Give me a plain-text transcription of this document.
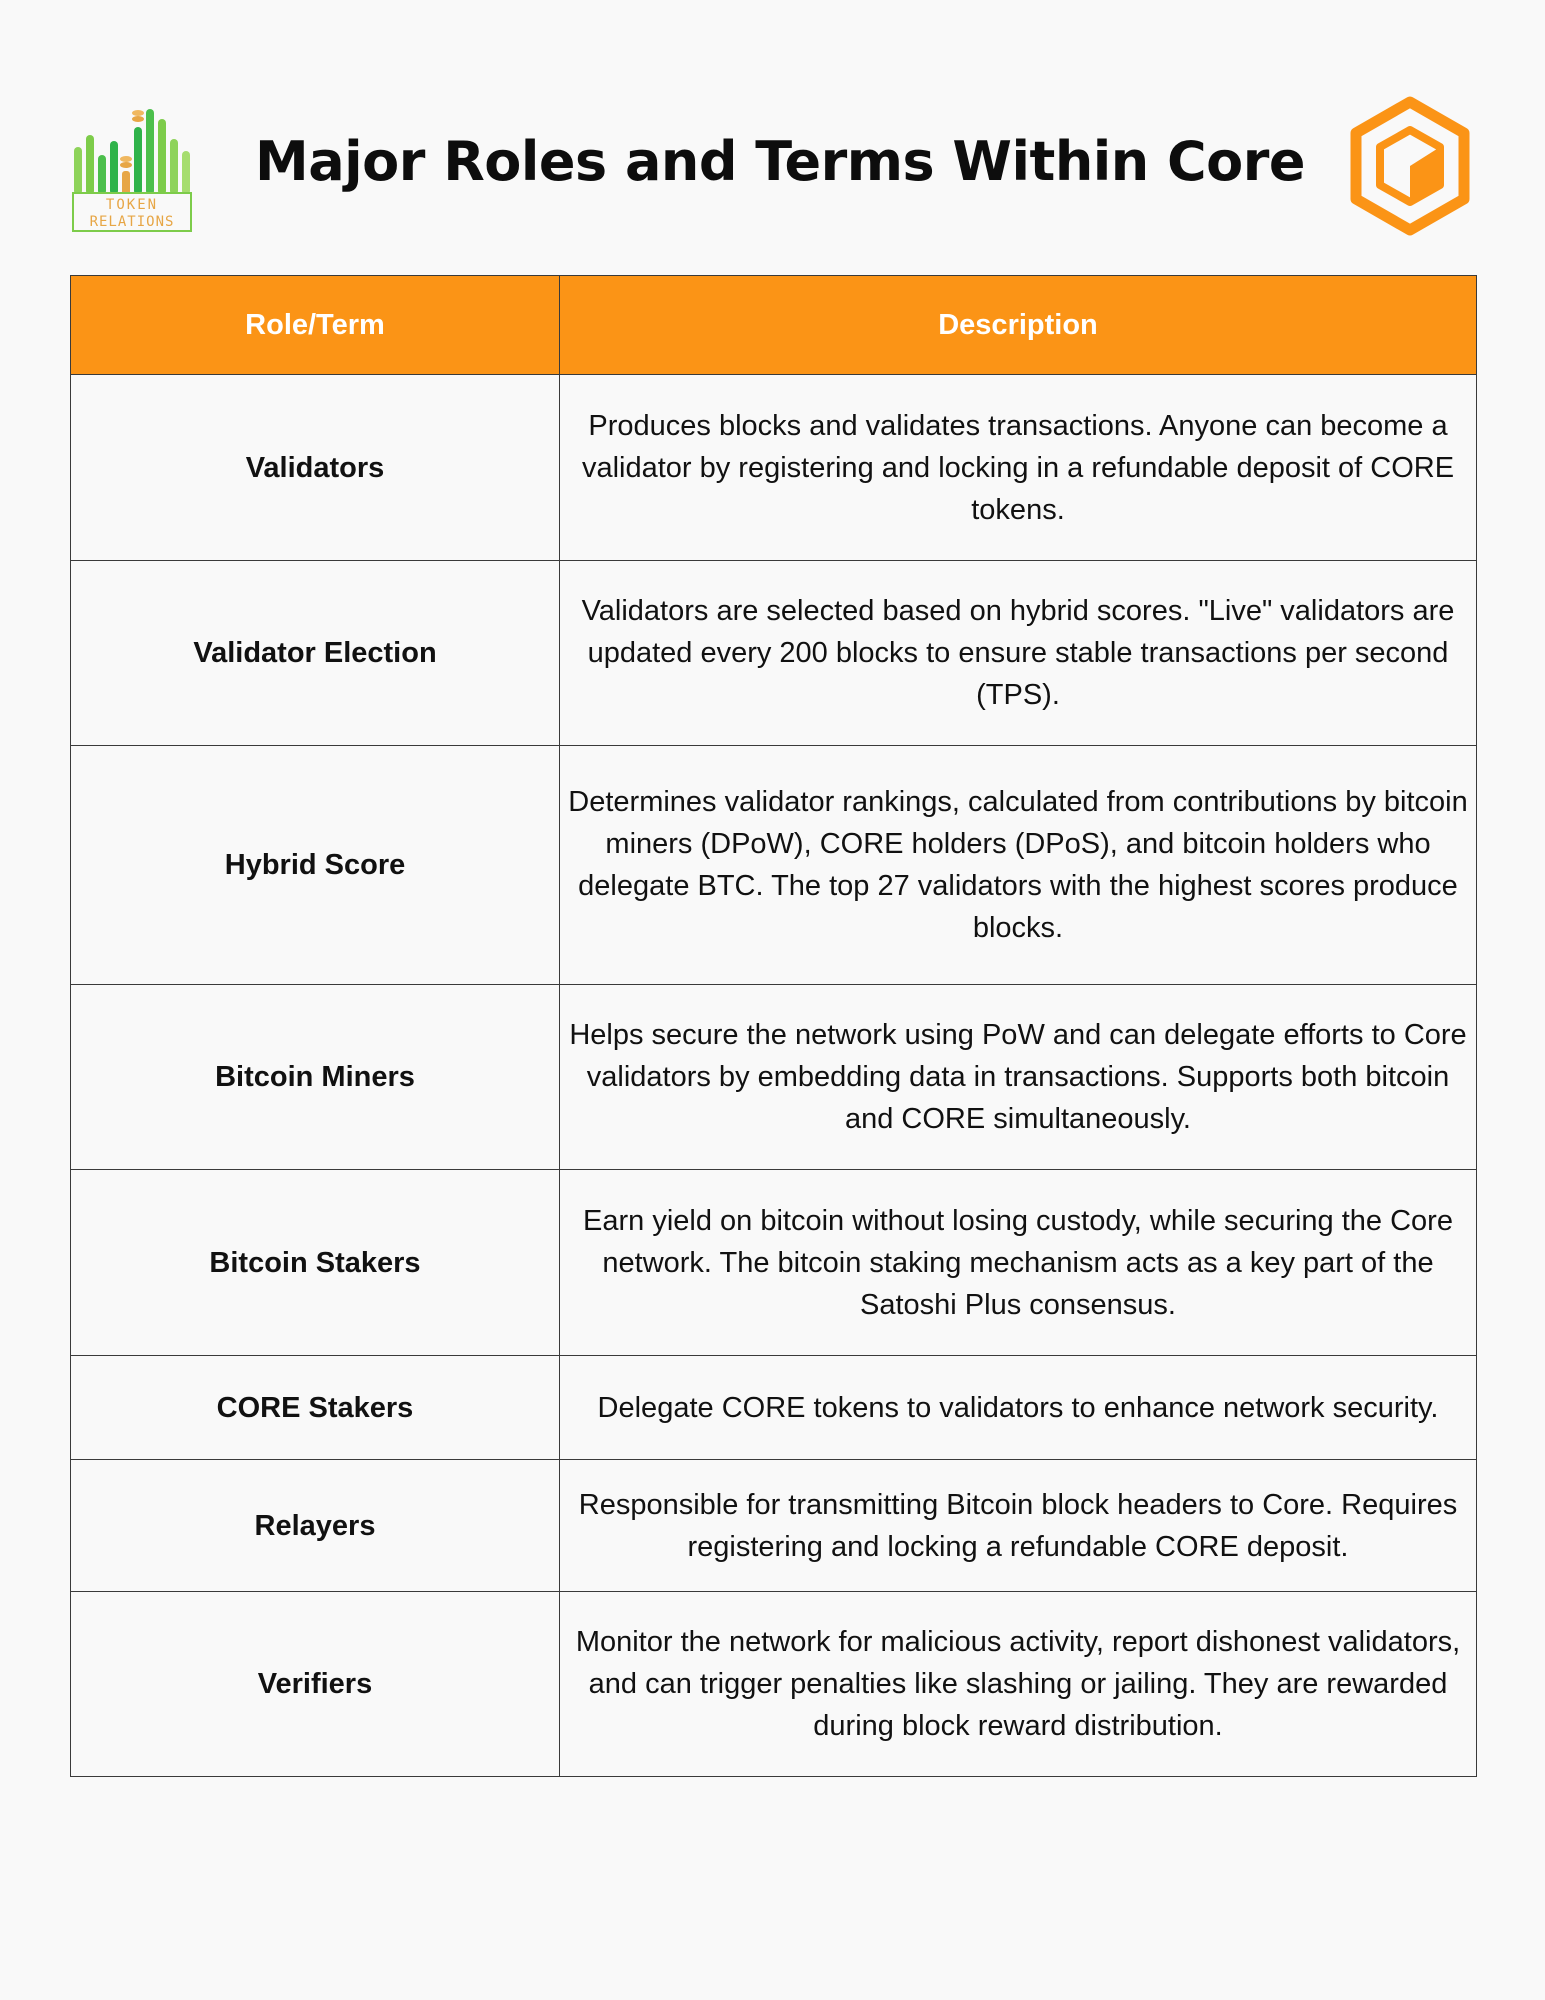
TOKEN
RELATIONS
Major Roles and Terms Within Core
Role/Term	Description
Validators	Produces blocks and validates transactions. Anyone can become a validator by registering and locking in a refundable deposit of CORE tokens.
Validator Election	Validators are selected based on hybrid scores. "Live" validators are updated every 200 blocks to ensure stable transactions per second (TPS).
Hybrid Score	Determines validator rankings, calculated from contributions by bitcoin miners (DPoW), CORE holders (DPoS), and bitcoin holders who delegate BTC. The top 27 validators with the highest scores produce blocks.
Bitcoin Miners	Helps secure the network using PoW and can delegate efforts to Core validators by embedding data in transactions. Supports both bitcoin and CORE simultaneously.
Bitcoin Stakers	Earn yield on bitcoin without losing custody, while securing the Core network. The bitcoin staking mechanism acts as a key part of the Satoshi Plus consensus.
CORE Stakers	Delegate CORE tokens to validators to enhance network security.
Relayers	Responsible for transmitting Bitcoin block headers to Core. Requires registering and locking a refundable CORE deposit.
Verifiers	Monitor the network for malicious activity, report dishonest validators, and can trigger penalties like slashing or jailing. They are rewarded during block reward distribution.
